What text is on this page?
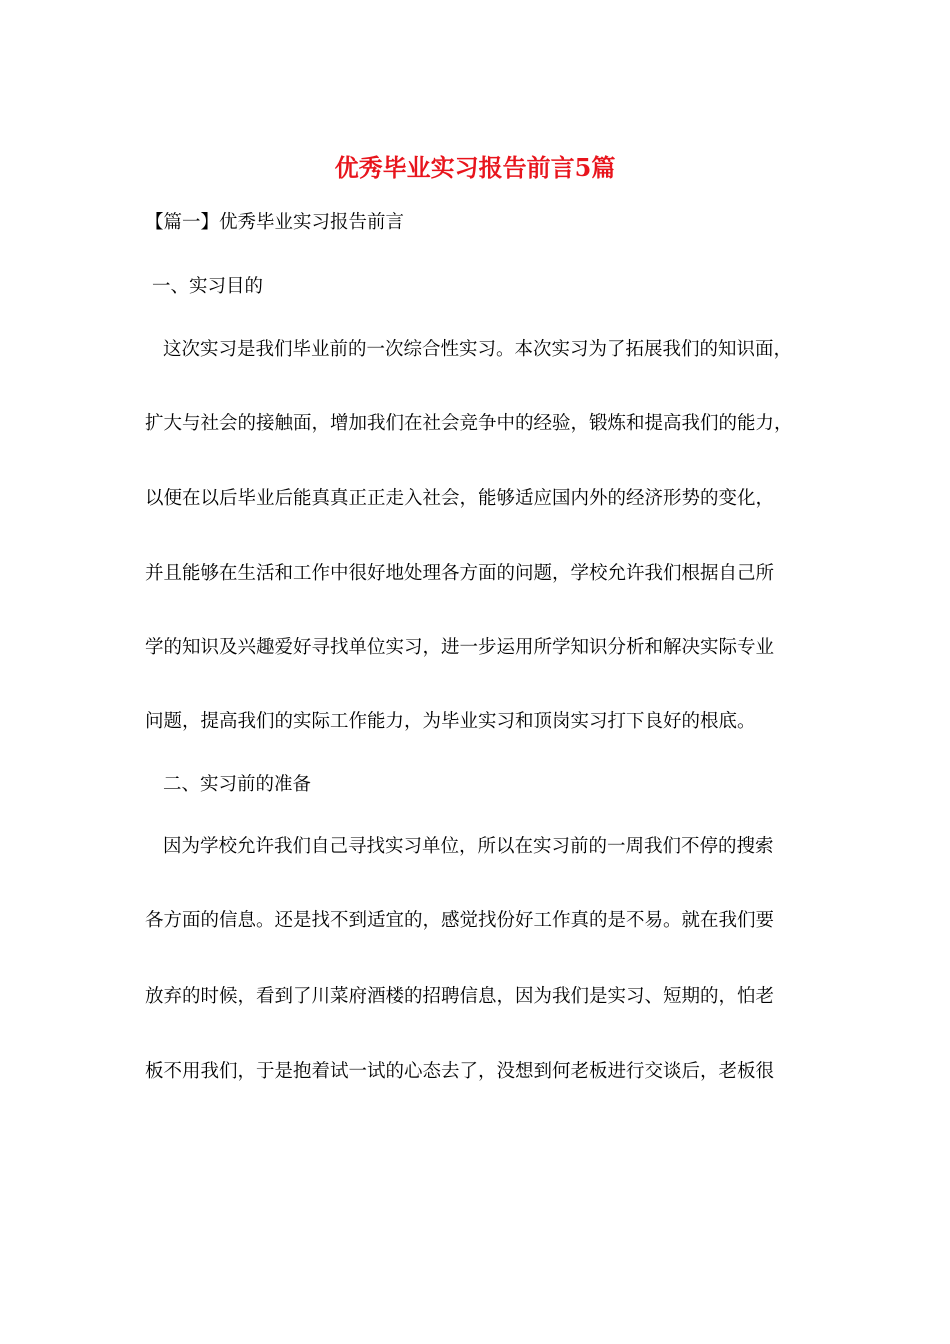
优秀毕业实习报告前言5篇
【篇一】优秀毕业实习报告前言
一、实习目的
这次实习是我们毕业前的一次综合性实习。本次实习为了拓展我们的知识面，
扩大与社会的接触面，增加我们在社会竞争中的经验，锻炼和提高我们的能力，
以便在以后毕业后能真真正正走入社会，能够适应国内外的经济形势的变化，
并且能够在生活和工作中很好地处理各方面的问题，学校允许我们根据自己所
学的知识及兴趣爱好寻找单位实习，进一步运用所学知识分析和解决实际专业
问题，提高我们的实际工作能力，为毕业实习和顶岗实习打下良好的根底。
二、实习前的准备
因为学校允许我们自己寻找实习单位，所以在实习前的一周我们不停的搜索
各方面的信息。还是找不到适宜的，感觉找份好工作真的是不易。就在我们要
放弃的时候，看到了川菜府酒楼的招聘信息，因为我们是实习、短期的，怕老
板不用我们，于是抱着试一试的心态去了，没想到何老板进行交谈后，老板很
